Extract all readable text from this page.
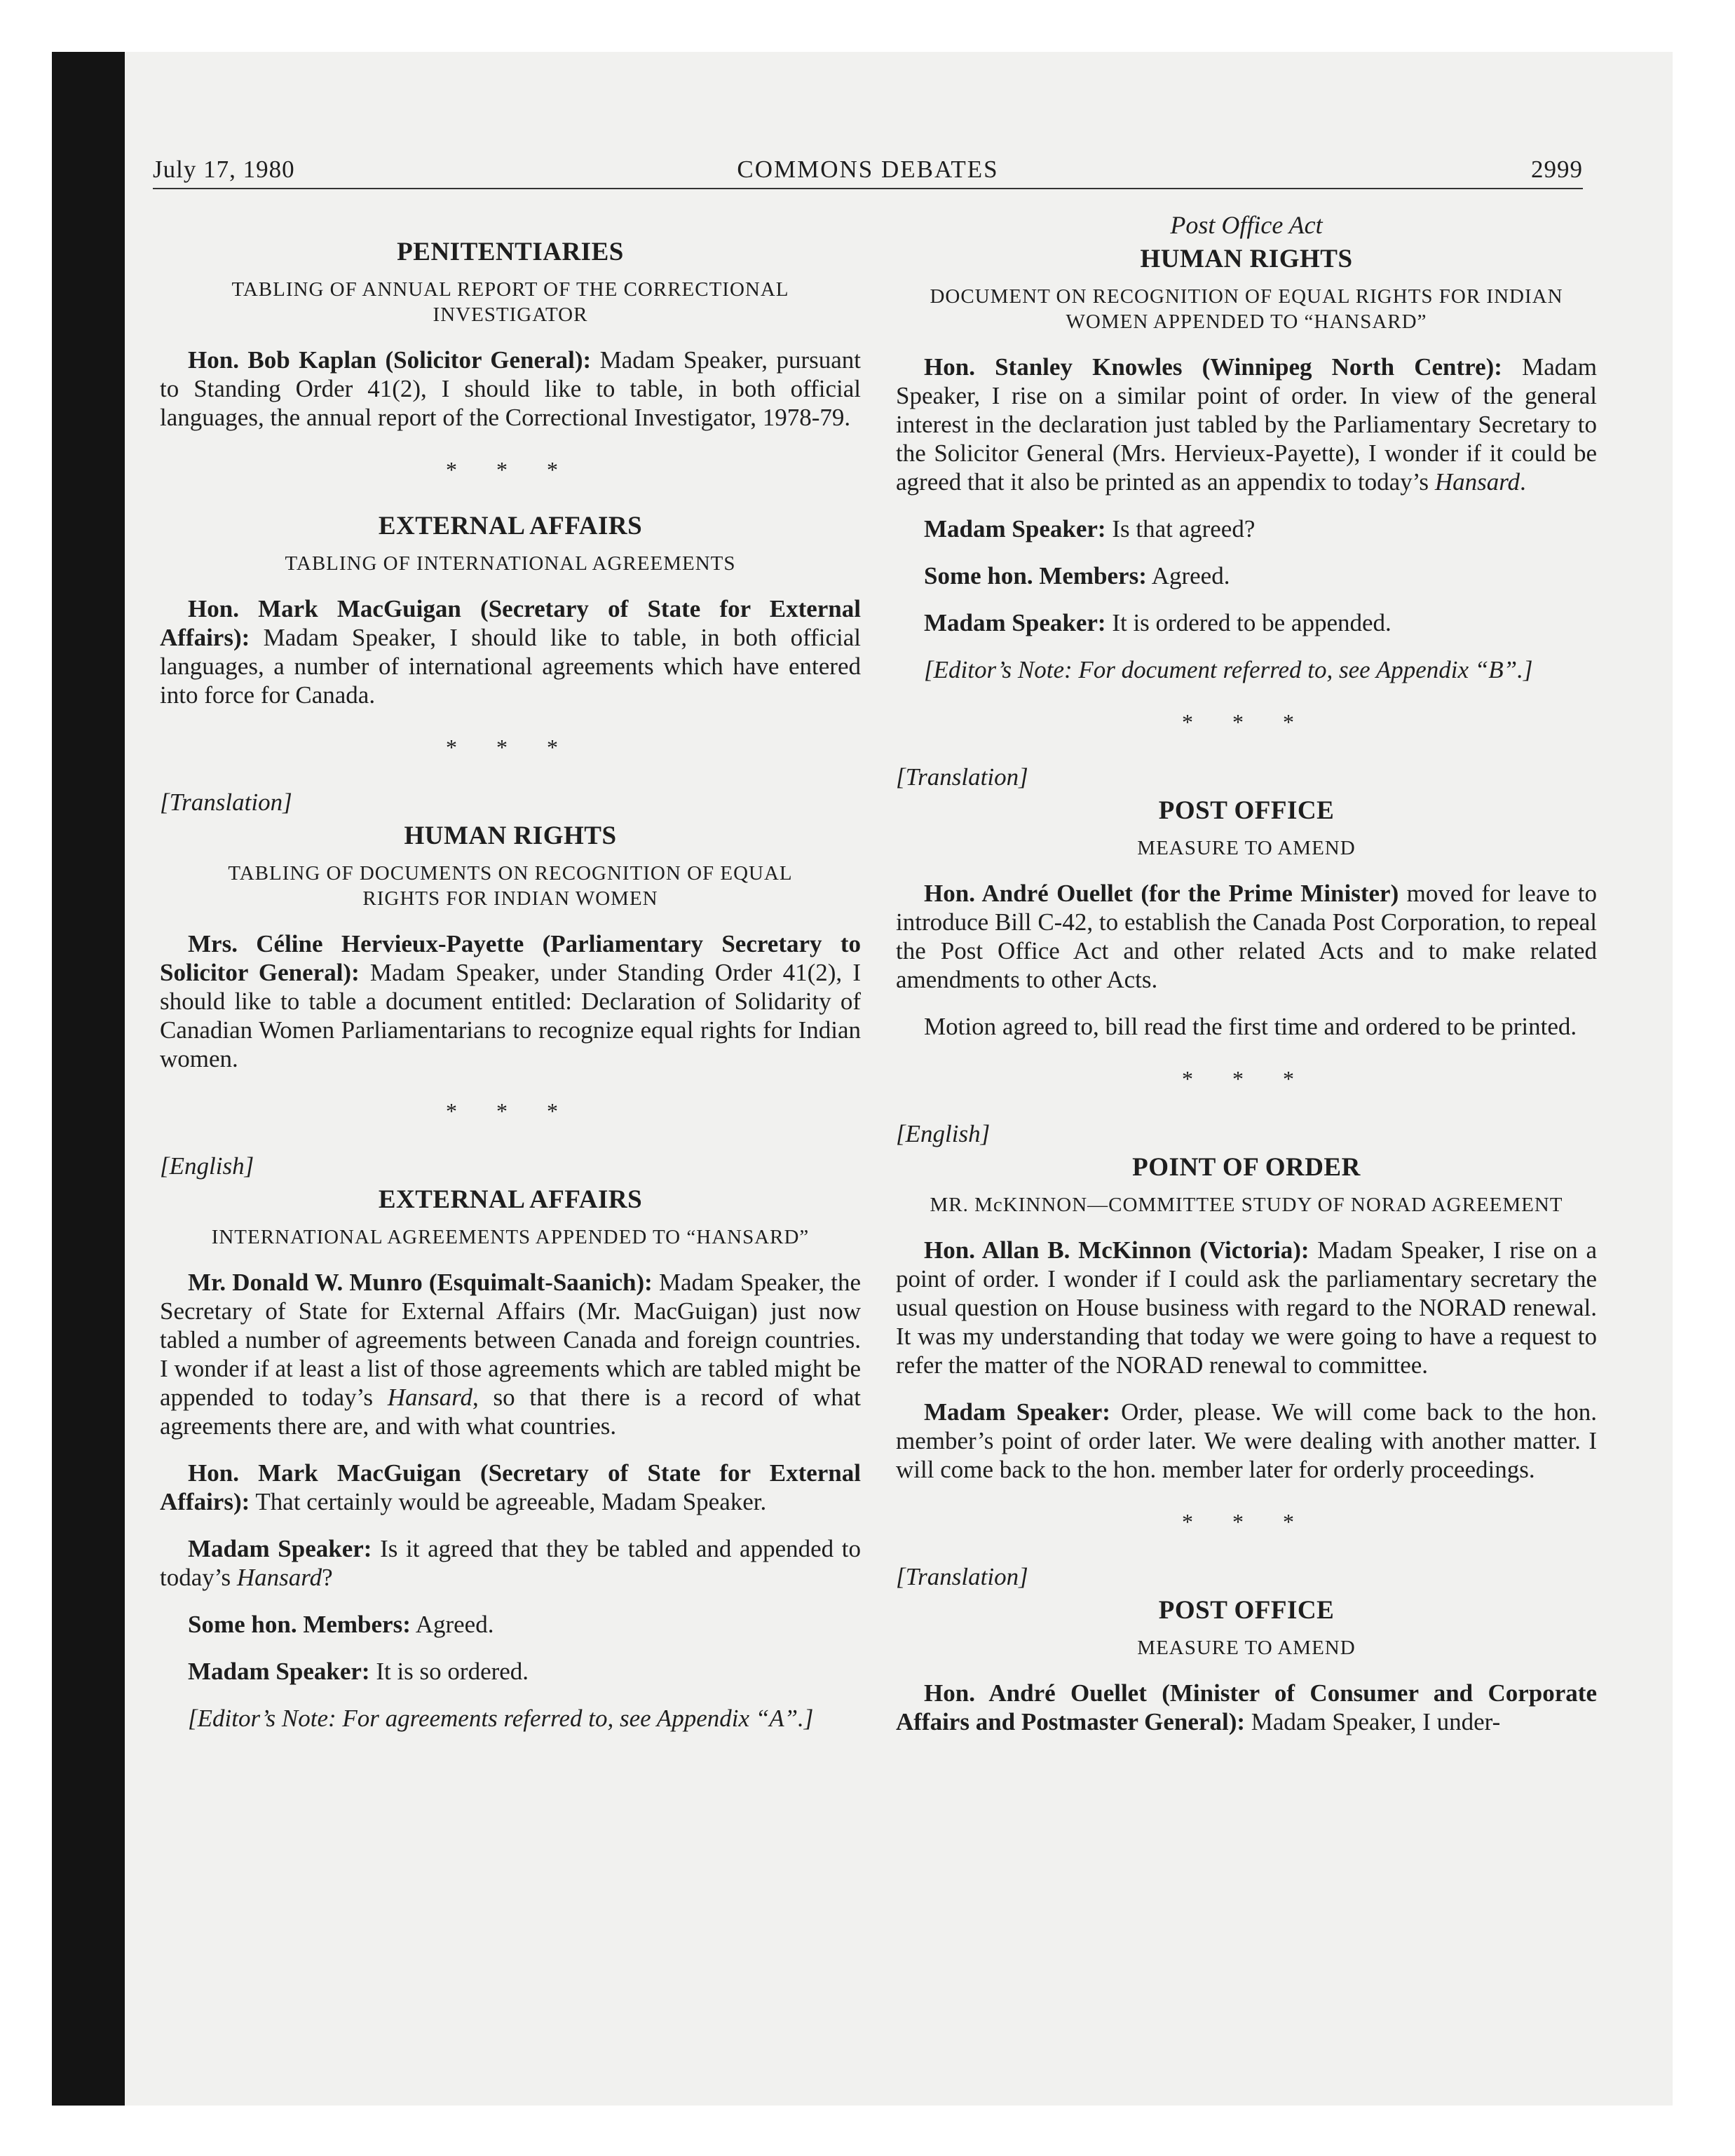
July 17, 1980	COMMONS DEBATES	2999
PENITENTIARIES
TABLING OF ANNUAL REPORT OF THE CORRECTIONAL INVESTIGATOR

Hon. Bob Kaplan (Solicitor General): Madam Speaker, pursuant to Standing Order 41(2), I should like to table, in both official languages, the annual report of the Correctional Investigator, 1978-79.

* * *
EXTERNAL AFFAIRS
TABLING OF INTERNATIONAL AGREEMENTS

Hon. Mark MacGuigan (Secretary of State for External Affairs): Madam Speaker, I should like to table, in both official languages, a number of international agreements which have entered into force for Canada.

* * *
[Translation]
HUMAN RIGHTS
TABLING OF DOCUMENTS ON RECOGNITION OF EQUAL RIGHTS FOR INDIAN WOMEN

Mrs. Céline Hervieux-Payette (Parliamentary Secretary to Solicitor General): Madam Speaker, under Standing Order 41(2), I should like to table a document entitled: Declaration of Solidarity of Canadian Women Parliamentarians to recognize equal rights for Indian women.

* * *
[English]
EXTERNAL AFFAIRS
INTERNATIONAL AGREEMENTS APPENDED TO “HANSARD”

Mr. Donald W. Munro (Esquimalt-Saanich): Madam Speaker, the Secretary of State for External Affairs (Mr. MacGuigan) just now tabled a number of agreements between Canada and foreign countries. I wonder if at least a list of those agreements which are tabled might be appended to today’s Hansard, so that there is a record of what agreements there are, and with what countries.

Hon. Mark MacGuigan (Secretary of State for External Affairs): That certainly would be agreeable, Madam Speaker.

Madam Speaker: Is it agreed that they be tabled and appended to today’s Hansard?

Some hon. Members: Agreed.

Madam Speaker: It is so ordered.

[Editor’s Note: For agreements referred to, see Appendix “A”.]

Post Office Act
HUMAN RIGHTS
DOCUMENT ON RECOGNITION OF EQUAL RIGHTS FOR INDIAN WOMEN APPENDED TO “HANSARD”

Hon. Stanley Knowles (Winnipeg North Centre): Madam Speaker, I rise on a similar point of order. In view of the general interest in the declaration just tabled by the Parliamentary Secretary to the Solicitor General (Mrs. Hervieux-Payette), I wonder if it could be agreed that it also be printed as an appendix to today’s Hansard.

Madam Speaker: Is that agreed?

Some hon. Members: Agreed.

Madam Speaker: It is ordered to be appended.

[Editor’s Note: For document referred to, see Appendix “B”.]

* * *
[Translation]
POST OFFICE
MEASURE TO AMEND

Hon. André Ouellet (for the Prime Minister) moved for leave to introduce Bill C-42, to establish the Canada Post Corporation, to repeal the Post Office Act and other related Acts and to make related amendments to other Acts.

Motion agreed to, bill read the first time and ordered to be printed.

* * *
[English]
POINT OF ORDER
MR. McKINNON—COMMITTEE STUDY OF NORAD AGREEMENT

Hon. Allan B. McKinnon (Victoria): Madam Speaker, I rise on a point of order. I wonder if I could ask the parliamentary secretary the usual question on House business with regard to the NORAD renewal. It was my understanding that today we were going to have a request to refer the matter of the NORAD renewal to committee.

Madam Speaker: Order, please. We will come back to the hon. member’s point of order later. We were dealing with another matter. I will come back to the hon. member later for orderly proceedings.

* * *
[Translation]
POST OFFICE
MEASURE TO AMEND

Hon. André Ouellet (Minister of Consumer and Corporate Affairs and Postmaster General): Madam Speaker, I under-
